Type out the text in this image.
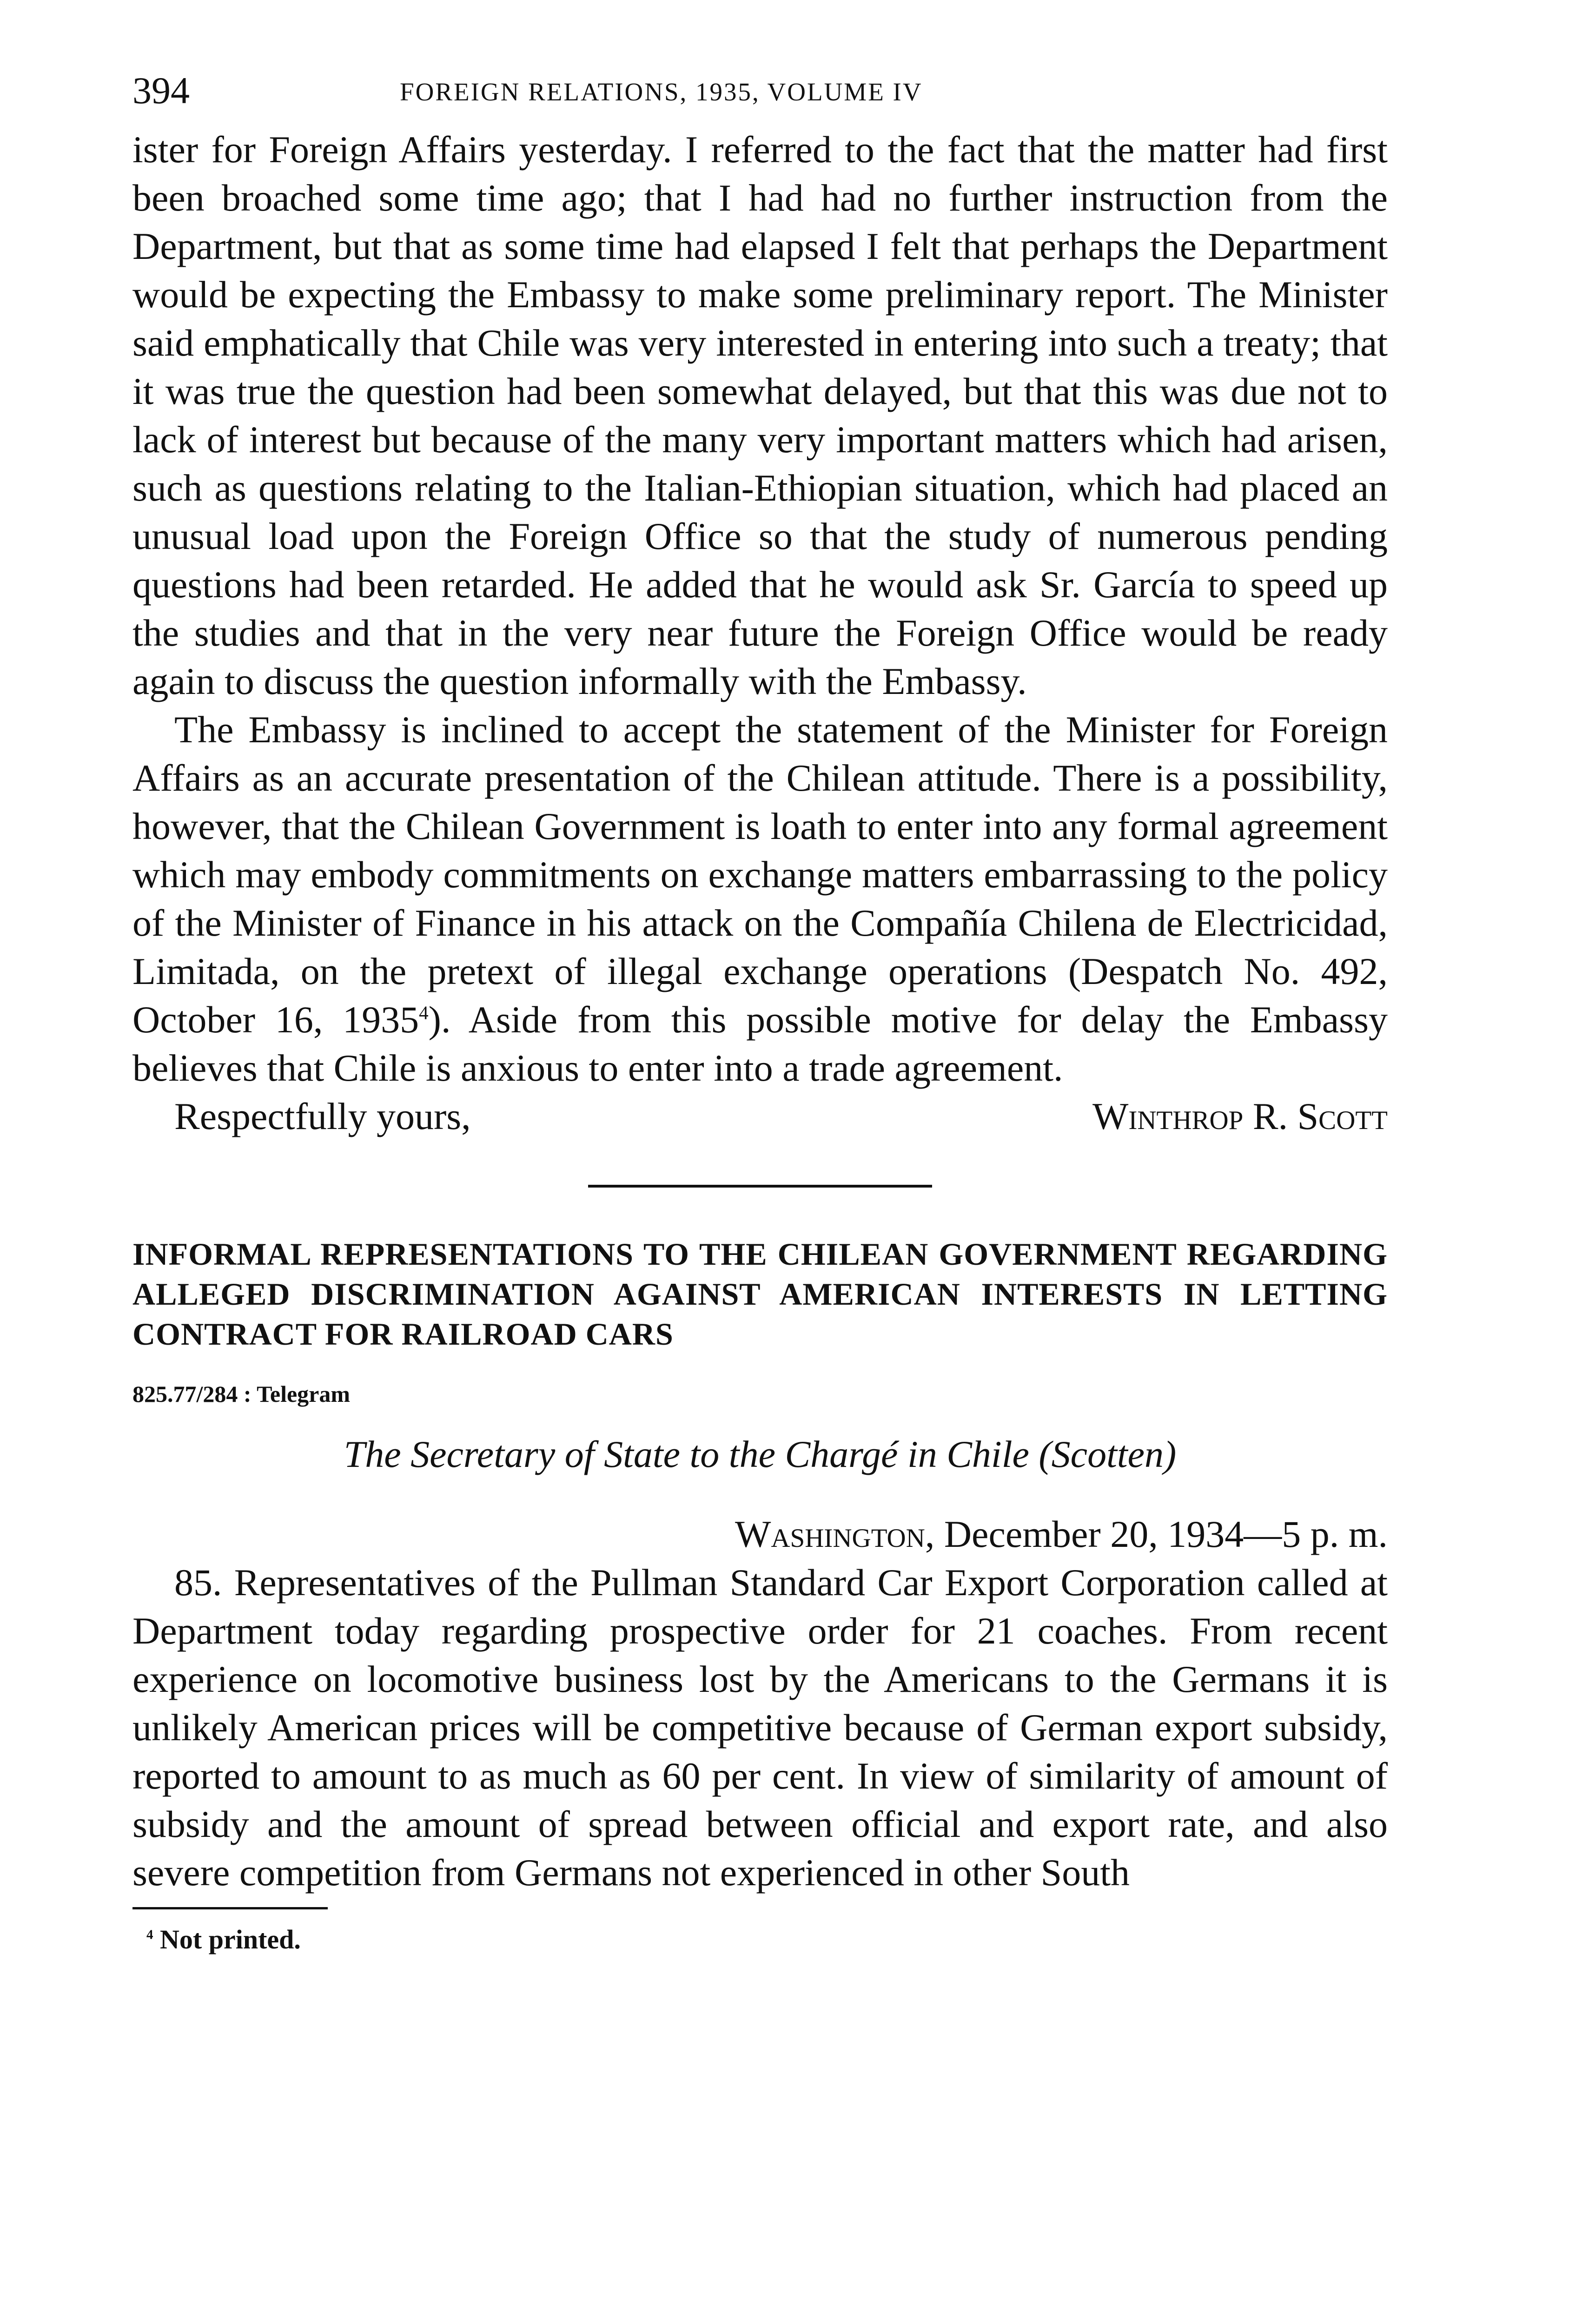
394	FOREIGN RELATIONS, 1935, VOLUME IV

ister for Foreign Affairs yesterday. I referred to the fact that the matter had first been broached some time ago; that I had had no further instruction from the Department, but that as some time had elapsed I felt that perhaps the Department would be expecting the Embassy to make some preliminary report. The Minister said emphatically that Chile was very interested in entering into such a treaty; that it was true the question had been somewhat delayed, but that this was due not to lack of interest but because of the many very important matters which had arisen, such as questions relating to the Italian-Ethiopian situation, which had placed an unusual load upon the Foreign Office so that the study of numerous pending questions had been retarded. He added that he would ask Sr. García to speed up the studies and that in the very near future the Foreign Office would be ready again to discuss the question informally with the Embassy.

The Embassy is inclined to accept the statement of the Minister for Foreign Affairs as an accurate presentation of the Chilean attitude. There is a possibility, however, that the Chilean Government is loath to enter into any formal agreement which may embody commitments on exchange matters embarrassing to the policy of the Minister of Finance in his attack on the Compañía Chilena de Electricidad, Limitada, on the pretext of illegal exchange operations (Despatch No. 492, October 16, 1935$^4$). Aside from this possible motive for delay the Embassy believes that Chile is anxious to enter into a trade agreement.

Respectfully yours,	Winthrop R. Scott
INFORMAL REPRESENTATIONS TO THE CHILEAN GOVERNMENT REGARDING ALLEGED DISCRIMINATION AGAINST AMERICAN INTERESTS IN LETTING CONTRACT FOR RAILROAD CARS
825.77/284 : Telegram
The Secretary of State to the Chargé in Chile (Scotten)
Washington, December 20, 1934—5 p. m.

85. Representatives of the Pullman Standard Car Export Corporation called at Department today regarding prospective order for 21 coaches. From recent experience on locomotive business lost by the Americans to the Germans it is unlikely American prices will be competitive because of German export subsidy, reported to amount to as much as 60 per cent. In view of similarity of amount of subsidy and the amount of spread between official and export rate, and also severe competition from Germans not experienced in other South

$^4$ Not printed.
